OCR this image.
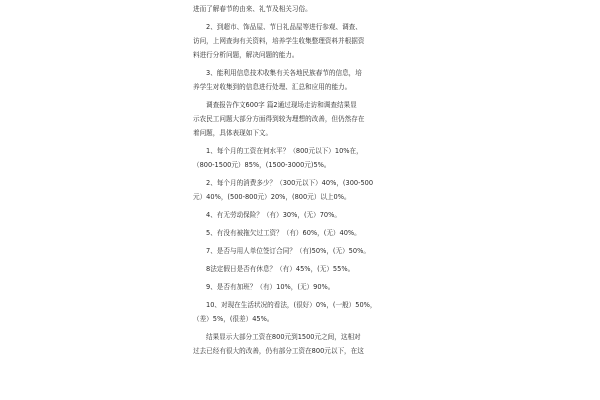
进而了解春节的由来、礼节及相关习俗。

2、到超市、饰品屋、节日礼品屋等进行参观、调查、
访问，上网查询有关资料，培养学生收集整理资料并根据资
料进行分析问题，解决问题的能力。

3、能利用信息技术收集有关各地民族春节的信息，培
养学生对收集到的信息进行处理、汇总和应用的能力。

调查报告作文600字 篇2通过现场走访和调查结果显
示农民工问题大部分方面得到较为理想的改善，但仍然存在
着问题，具体表现如下文。

1、每个月的工资在何水平？（800元以下）10%在，
（800-1500元）85%，(1500-3000元)5%。

2、每个月的消费多少？（300元以下）40%，(300-500
元）40%，(500-800元）20%，(800元）以上0%。

4、有无劳动保险？（有）30%，(无）70%。

5、有没有被拖欠过工资？（有）60%，(无）40%。

7、是否与用人单位签订合同？（有)50%，(无）50%。

8法定假日是否有休息？（有）45%，(无）55%。

9、是否有加班？（有）10%，(无）90%。

10、对现在生活状况的看法，(很好）0%，(一般）50%，
（差）5%，(很差）45%。

结果显示大部分工资在800元到1500元之间，这相对
过去已经有很大的改善，仍有部分工资在800元以下，在这
